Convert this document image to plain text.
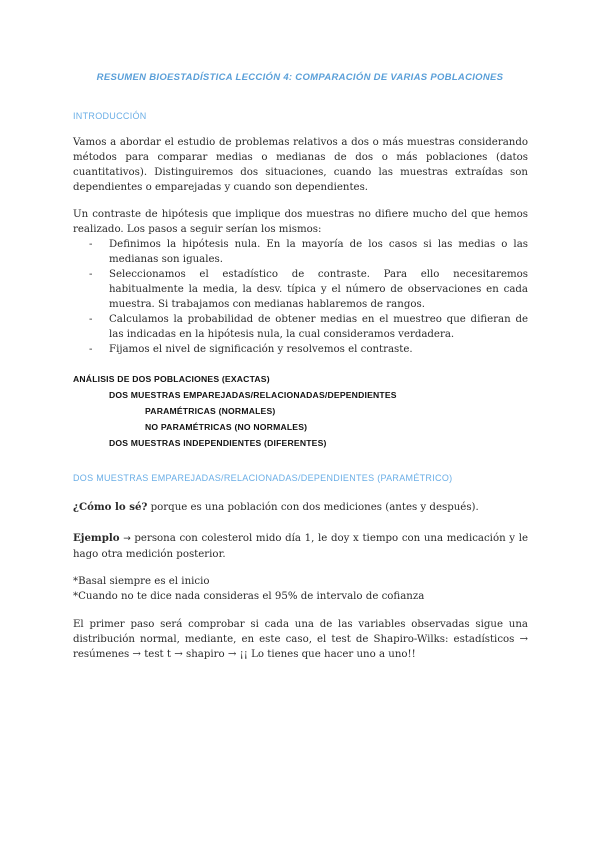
RESUMEN BIOESTADÍSTICA LECCIÓN 4: COMPARACIÓN DE VARIAS POBLACIONES
INTRODUCCIÓN
Vamos a abordar el estudio de problemas relativos a dos o más muestras considerando métodos para comparar medias o medianas de dos o más poblaciones (datos cuantitativos). Distinguiremos dos situaciones, cuando las muestras extraídas son dependientes o emparejadas y cuando son dependientes.
Un contraste de hipótesis que implique dos muestras no difiere mucho del que hemos realizado. Los pasos a seguir serían los mismos:
- Definimos la hipótesis nula. En la mayoría de los casos si las medias o las medianas son iguales.
- Seleccionamos el estadístico de contraste. Para ello necesitaremos habitualmente la media, la desv. típica y el número de observaciones en cada muestra. Si trabajamos con medianas hablaremos de rangos.
- Calculamos la probabilidad de obtener medias en el muestreo que difieran de las indicadas en la hipótesis nula, la cual consideramos verdadera.
- Fijamos el nivel de significación y resolvemos el contraste.
ANÁLISIS DE DOS POBLACIONES (EXACTAS)
DOS MUESTRAS EMPAREJADAS/RELACIONADAS/DEPENDIENTES
PARAMÉTRICAS (NORMALES)
NO PARAMÉTRICAS (NO NORMALES)
DOS MUESTRAS INDEPENDIENTES (DIFERENTES)
DOS MUESTRAS EMPAREJADAS/RELACIONADAS/DEPENDIENTES (PARAMÉTRICO)
¿Cómo lo sé? porque es una población con dos mediciones (antes y después).
Ejemplo → persona con colesterol mido día 1, le doy x tiempo con una medicación y le hago otra medición posterior.
*Basal siempre es el inicio
*Cuando no te dice nada consideras el 95% de intervalo de cofianza
El primer paso será comprobar si cada una de las variables observadas sigue una distribución normal, mediante, en este caso, el test de Shapiro-Wilks: estadísticos → resúmenes → test t → shapiro → ¡¡ Lo tienes que hacer uno a uno!!
